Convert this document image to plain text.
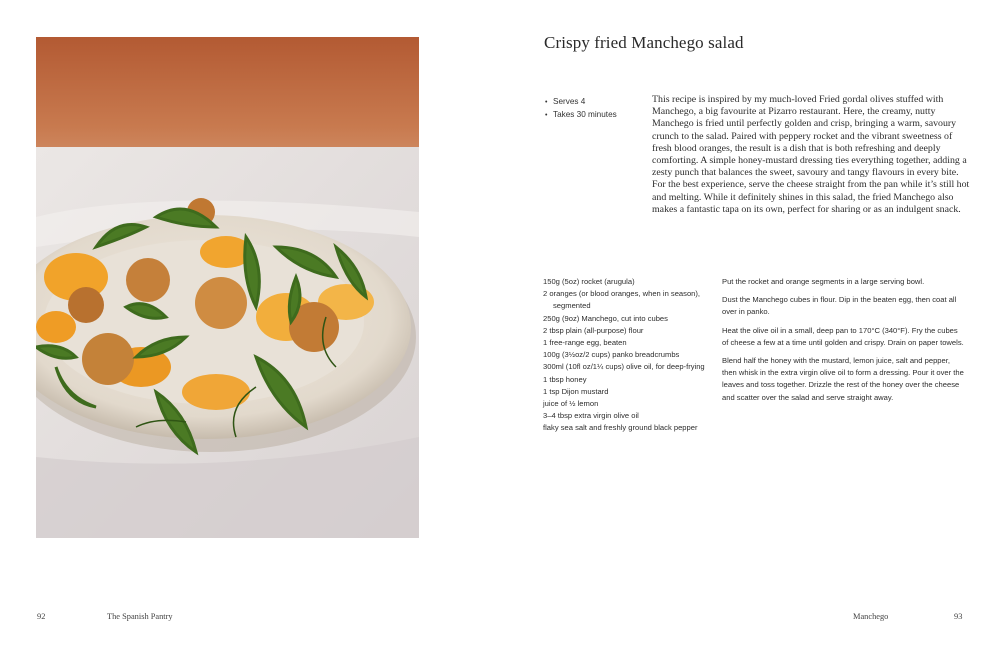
Crispy fried Manchego salad
• Serves 4
• Takes 30 minutes

This recipe is inspired by my much-loved Fried gordal olives stuffed with Manchego, a big favourite at Pizarro restaurant. Here, the creamy, nutty Manchego is fried until perfectly golden and crisp, bringing a warm, savoury crunch to the salad. Paired with peppery rocket and the vibrant sweetness of fresh blood oranges, the result is a dish that is both refreshing and deeply comforting. A simple honey-mustard dressing ties everything together, adding a zesty punch that balances the sweet, savoury and tangy flavours in every bite. For the best experience, serve the cheese straight from the pan while it’s still hot and melting. While it definitely shines in this salad, the fried Manchego also makes a fantastic tapa on its own, perfect for sharing or as an indulgent snack.

150g (5oz) rocket (arugula)
2 oranges (or blood oranges, when in season), segmented
250g (9oz) Manchego, cut into cubes
2 tbsp plain (all-purpose) flour
1 free-range egg, beaten
100g (3½oz/2 cups) panko breadcrumbs
300ml (10fl oz/1¼ cups) olive oil, for deep-frying
1 tbsp honey
1 tsp Dijon mustard
juice of ½ lemon
3–4 tbsp extra virgin olive oil
flaky sea salt and freshly ground black pepper

Put the rocket and orange segments in a large serving bowl.

Dust the Manchego cubes in flour. Dip in the beaten egg, then coat all over in panko.

Heat the olive oil in a small, deep pan to 170°C (340°F). Fry the cubes of cheese a few at a time until golden and crispy. Drain on paper towels.

Blend half the honey with the mustard, lemon juice, salt and pepper, then whisk in the extra virgin olive oil to form a dressing. Pour it over the leaves and toss together. Drizzle the rest of the honey over the cheese and scatter over the salad and serve straight away.

92	The Spanish Pantry	Manchego	93
